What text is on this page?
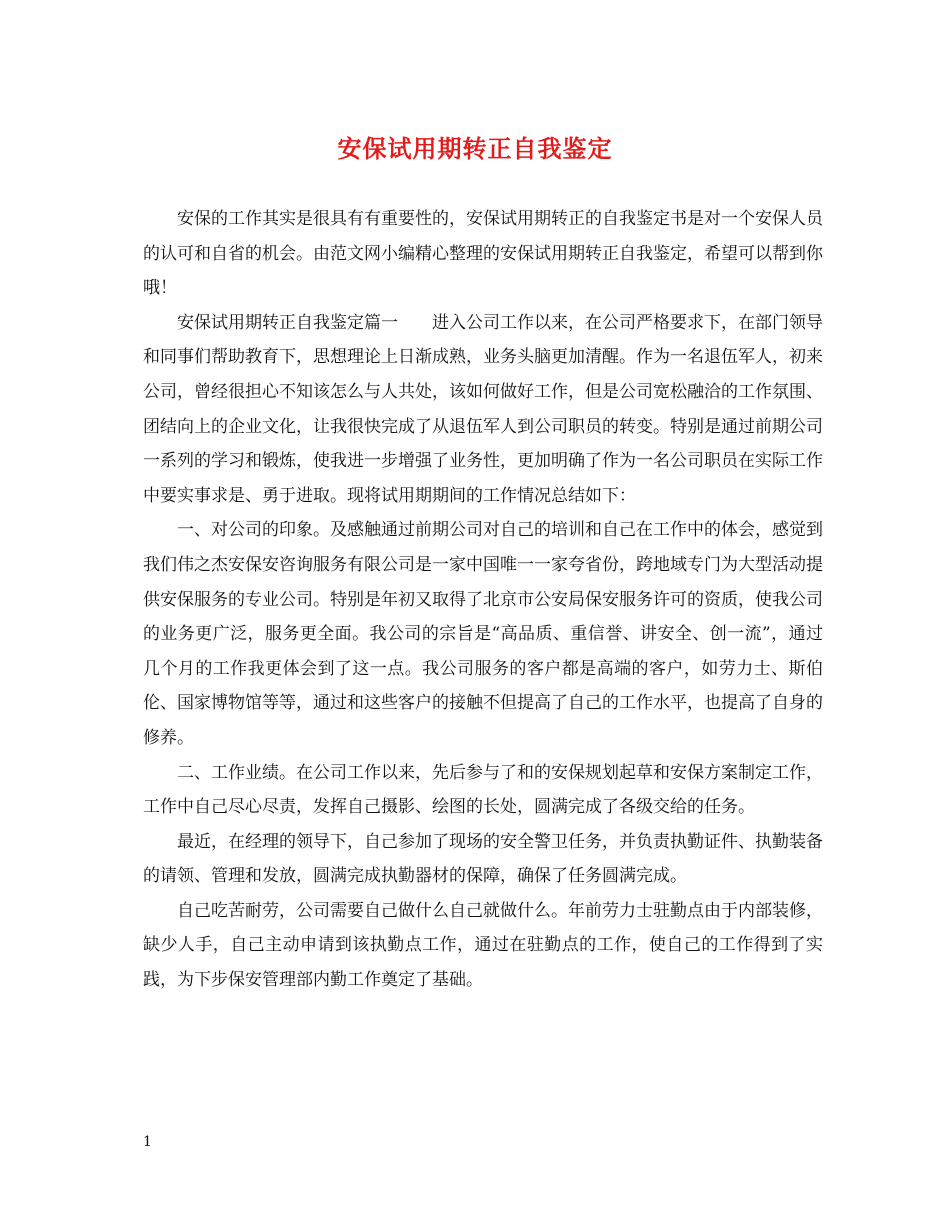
安保试用期转正自我鉴定

安保的工作其实是很具有有重要性的，安保试用期转正的自我鉴定书是对一个安保人员的认可和自省的机会。由范文网小编精心整理的安保试用期转正自我鉴定，希望可以帮到你哦！

安保试用期转正自我鉴定篇一　　进入公司工作以来，在公司严格要求下，在部门领导和同事们帮助教育下，思想理论上日渐成熟，业务头脑更加清醒。作为一名退伍军人，初来公司，曾经很担心不知该怎么与人共处，该如何做好工作，但是公司宽松融洽的工作氛围、团结向上的企业文化，让我很快完成了从退伍军人到公司职员的转变。特别是通过前期公司一系列的学习和锻炼，使我进一步增强了业务性，更加明确了作为一名公司职员在实际工作中要实事求是、勇于进取。现将试用期期间的工作情况总结如下：

一、对公司的印象。及感触通过前期公司对自己的培训和自己在工作中的体会，感觉到我们伟之杰安保安咨询服务有限公司是一家中国唯一一家夸省份，跨地域专门为大型活动提供安保服务的专业公司。特别是年初又取得了北京市公安局保安服务许可的资质，使我公司的业务更广泛，服务更全面。我公司的宗旨是“高品质、重信誉、讲安全、创一流”，通过几个月的工作我更体会到了这一点。我公司服务的客户都是高端的客户，如劳力士、斯伯伦、国家博物馆等等，通过和这些客户的接触不但提高了自己的工作水平，也提高了自身的修养。

二、工作业绩。在公司工作以来，先后参与了和的安保规划起草和安保方案制定工作，工作中自己尽心尽责，发挥自己摄影、绘图的长处，圆满完成了各级交给的任务。

最近，在经理的领导下，自己参加了现场的安全警卫任务，并负责执勤证件、执勤装备的请领、管理和发放，圆满完成执勤器材的保障，确保了任务圆满完成。

自己吃苦耐劳，公司需要自己做什么自己就做什么。年前劳力士驻勤点由于内部装修，缺少人手，自己主动申请到该执勤点工作，通过在驻勤点的工作，使自己的工作得到了实践，为下步保安管理部内勤工作奠定了基础。

1
